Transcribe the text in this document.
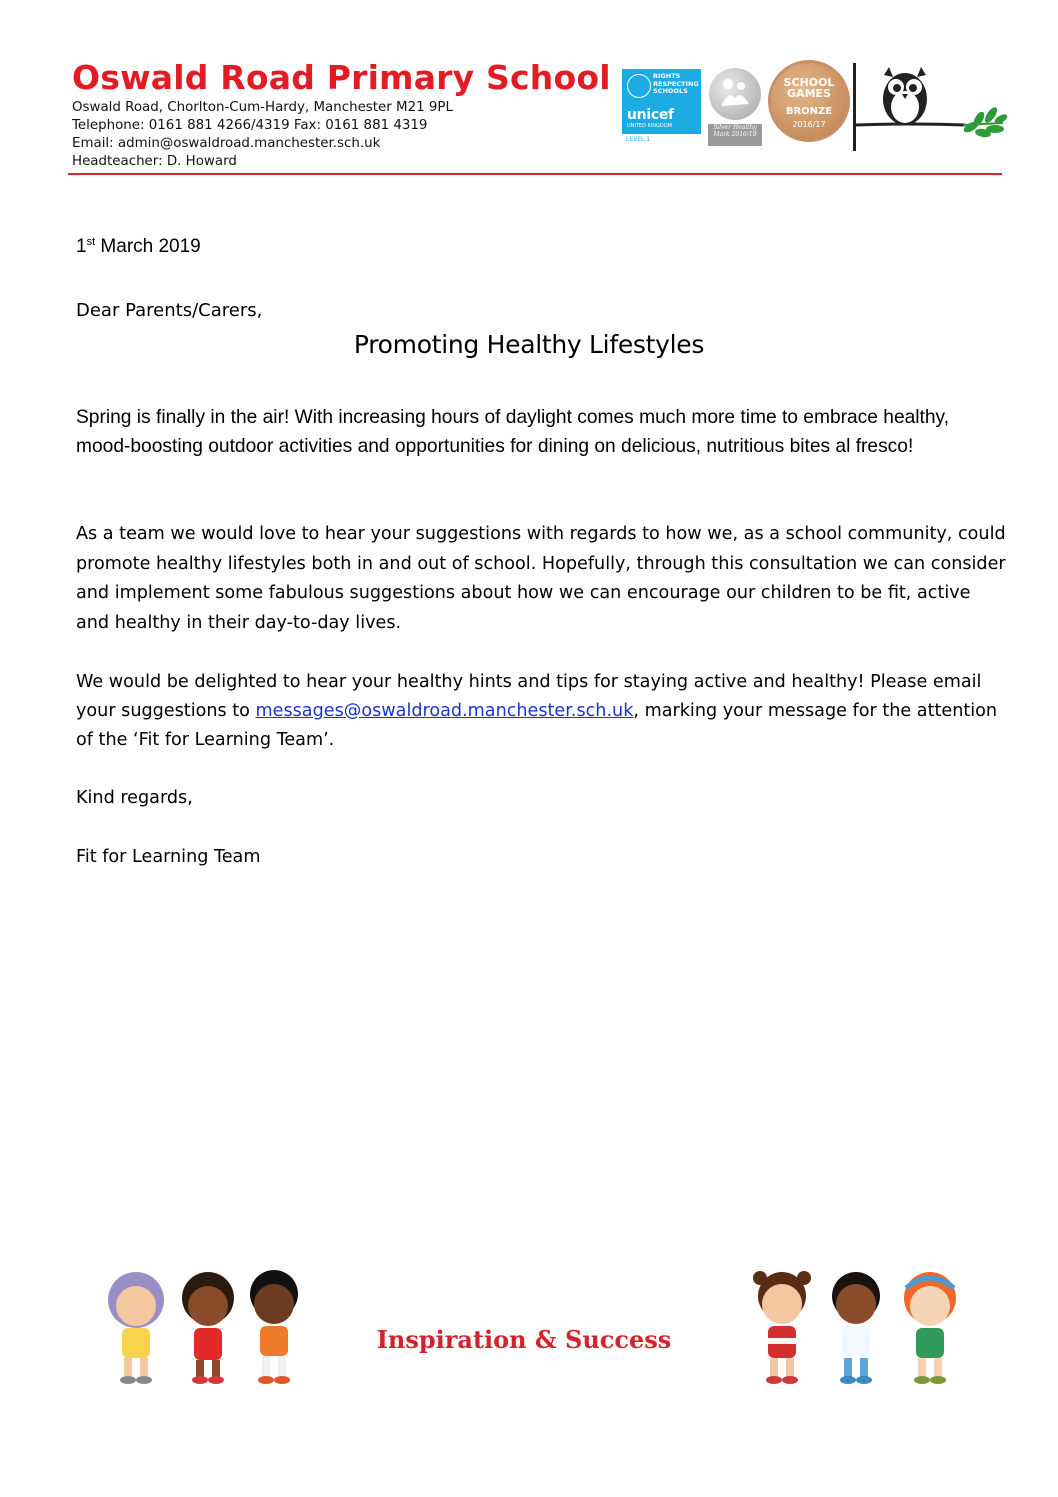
Oswald Road Primary School
Oswald Road, Chorlton-Cum-Hardy, Manchester M21 9PL
Telephone: 0161 881 4266/4319 Fax: 0161 881 4319
Email: admin@oswaldroad.manchester.sch.uk
Headteacher: D. Howard
RIGHTS RESPECTING SCHOOLS
unicef
UNITED KINGDOM
LEVEL 1
Silver Healthy Mark 2016/19
SCHOOL GAMES
BRONZE
2016/17
1st March 2019
Dear Parents/Carers,
Promoting Healthy Lifestyles

Spring is finally in the air! With increasing hours of daylight comes much more time to embrace healthy, mood-boosting outdoor activities and opportunities for dining on delicious, nutritious bites al fresco!

As a team we would love to hear your suggestions with regards to how we, as a school community, could promote healthy lifestyles both in and out of school. Hopefully, through this consultation we can consider and implement some fabulous suggestions about how we can encourage our children to be fit, active and healthy in their day-to-day lives.

We would be delighted to hear your healthy hints and tips for staying active and healthy! Please email your suggestions to messages@oswaldroad.manchester.sch.uk, marking your message for the attention of the ‘Fit for Learning Team’.

Kind regards,
Fit for Learning Team
Inspiration & Success
